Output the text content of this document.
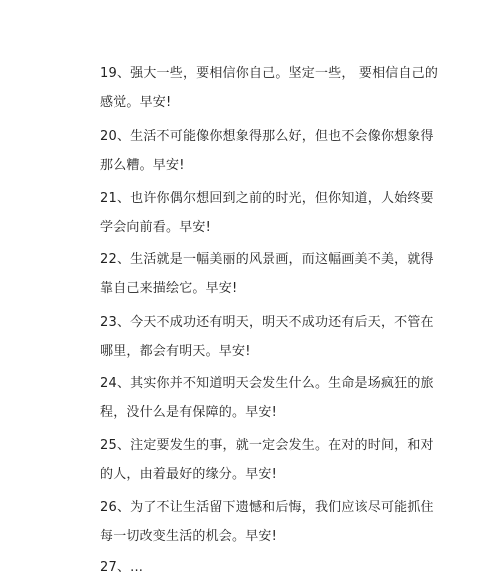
19、强大一些，要相信你自己。坚定一些， 要相信自己的
感觉。早安!
20、生活不可能像你想象得那么好，但也不会像你想象得
那么糟。早安!
21、也许你偶尔想回到之前的时光，但你知道，人始终要
学会向前看。早安!
22、生活就是一幅美丽的风景画，而这幅画美不美，就得
靠自己来描绘它。早安!
23、今天不成功还有明天，明天不成功还有后天，不管在
哪里，都会有明天。早安!
24、其实你并不知道明天会发生什么。生命是场疯狂的旅
程，没什么是有保障的。早安!
25、注定要发生的事，就一定会发生。在对的时间，和对
的人，由着最好的缘分。早安!
26、为了不让生活留下遗憾和后悔，我们应该尽可能抓住
每一切改变生活的机会。早安!
27、...
